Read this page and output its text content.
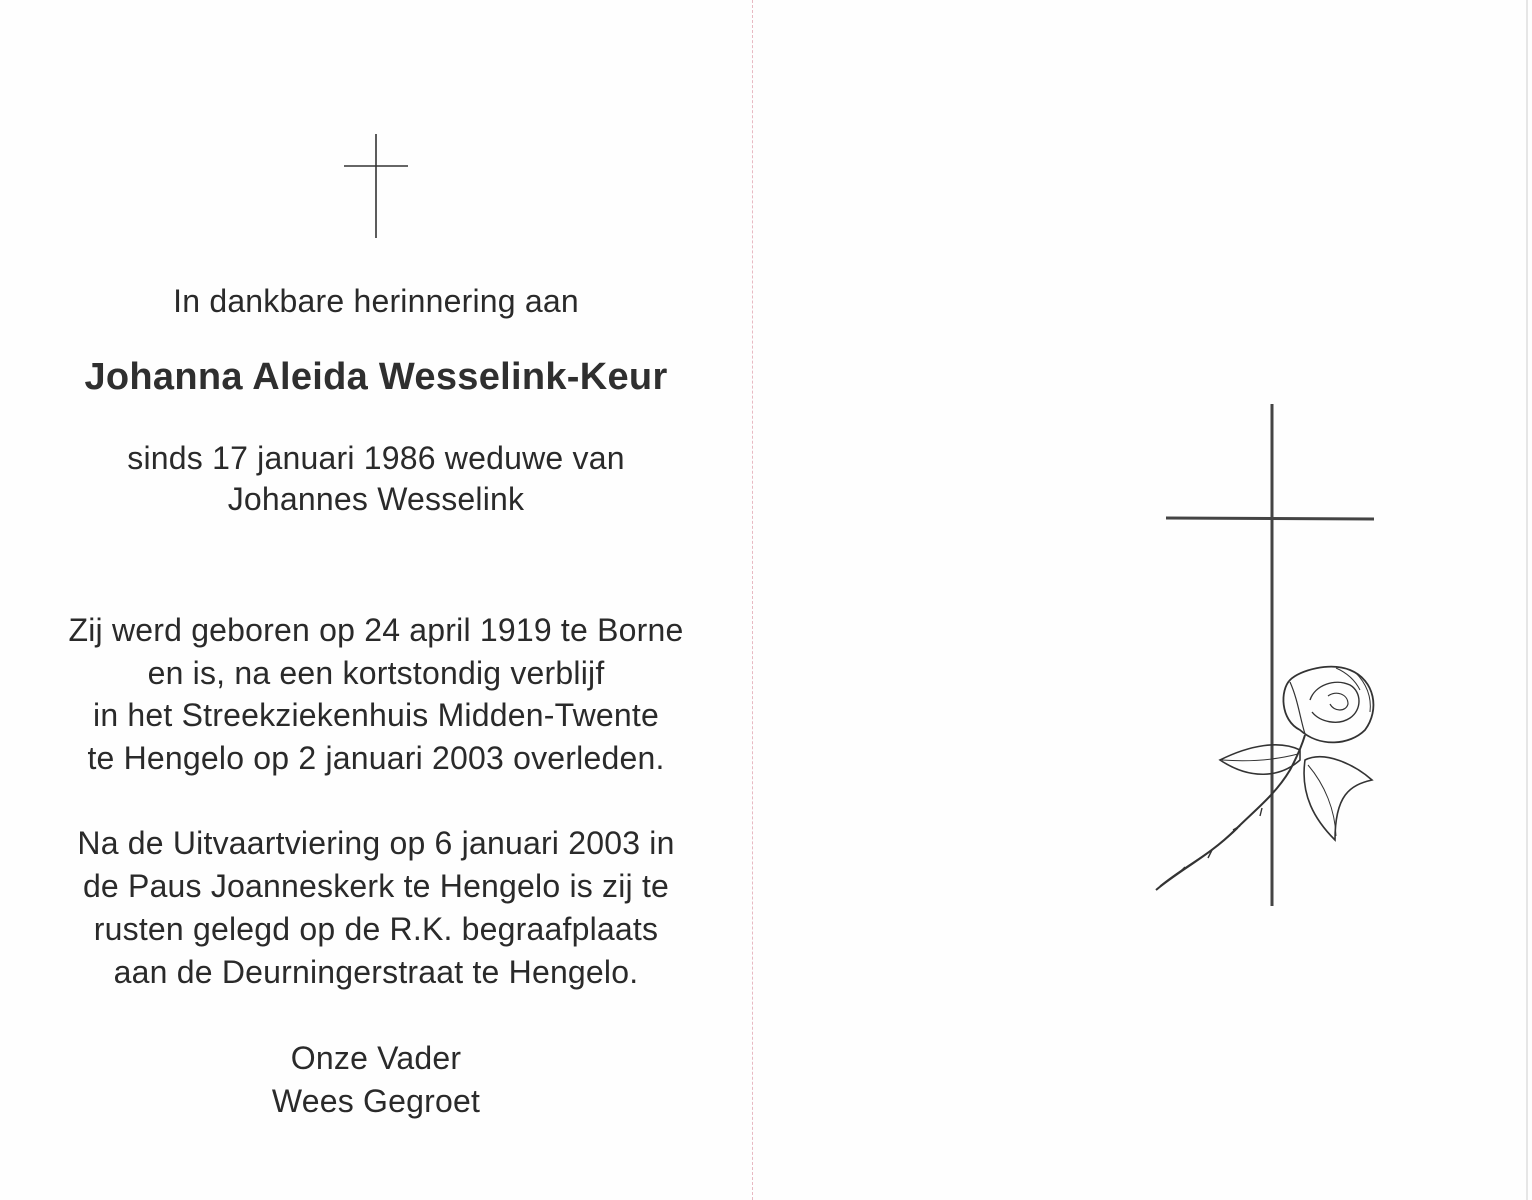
In dankbare herinnering aan
Johanna Aleida Wesselink-Keur
sinds 17 januari 1986 weduwe van
Johannes Wesselink
Zij werd geboren op 24 april 1919 te Borne
en is, na een kortstondig verblijf
in het Streekziekenhuis Midden-Twente
te Hengelo op 2 januari 2003 overleden.
Na de Uitvaartviering op 6 januari 2003 in
de Paus Joanneskerk te Hengelo is zij te
rusten gelegd op de R.K. begraafplaats
aan de Deurningerstraat te Hengelo.
Onze Vader
Wees Gegroet
